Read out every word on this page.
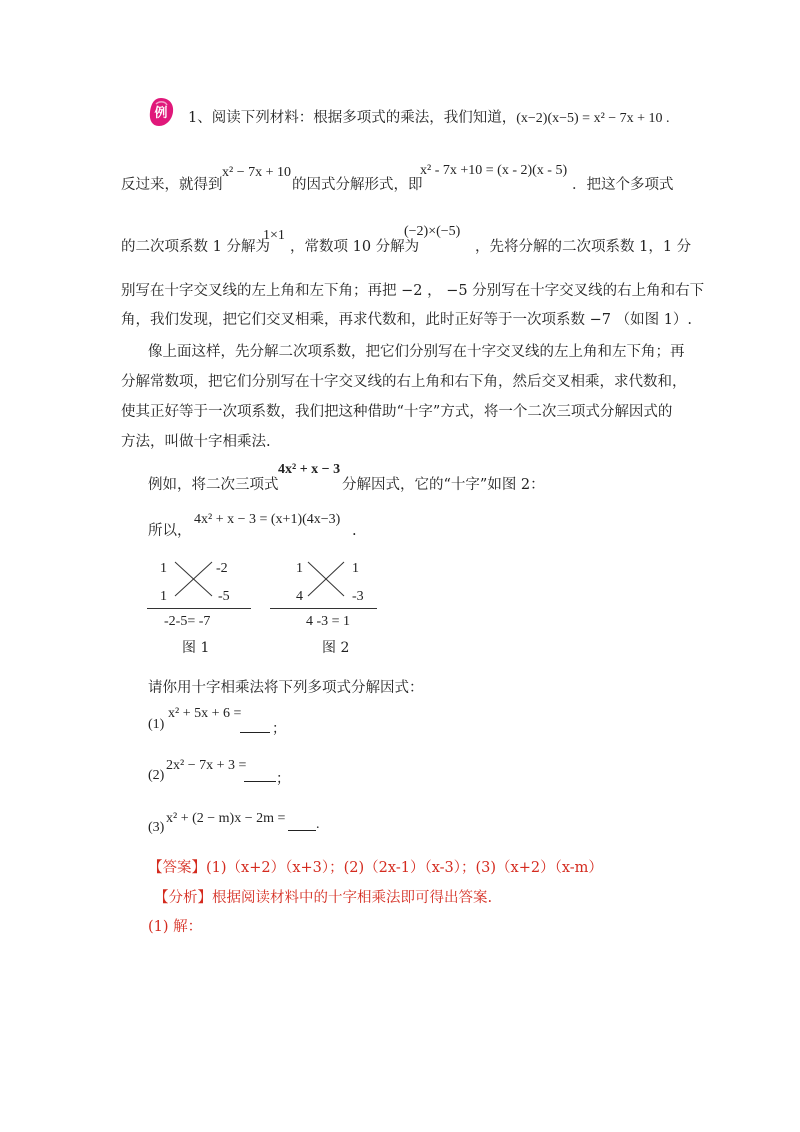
例 1、阅读下列材料：根据多项式的乘法，我们知道，(x−2)(x−5) = x² − 7x + 10 .
反过来，就得到
x² − 7x + 10
的因式分解形式，即
x² - 7x +10 = (x - 2)(x - 5)
．把这个多项式
的二次项系数 1 分解为
1×1
，常数项 10 分解为
(−2)×(−5)
，先将分解的二次项系数 1，1 分
别写在十字交叉线的左上角和左下角；再把 −2 ， −5 分别写在十字交叉线的右上角和右下
角，我们发现，把它们交叉相乘，再求代数和，此时正好等于一次项系数 −7 （如图 1）.
像上面这样，先分解二次项系数，把它们分别写在十字交叉线的左上角和左下角；再
分解常数项，把它们分别写在十字交叉线的右上角和右下角，然后交叉相乘，求代数和，
使其正好等于一次项系数，我们把这种借助“十字”方式，将一个二次三项式分解因式的
方法，叫做十字相乘法.
例如，将二次三项式
4x² + x − 3
分解因式，它的“十字”如图 2：
所以，
4x² + x − 3 = (x+1)(4x−3)
.
1	-2
1	-5
-2-5= -7
图 1
1	1
4	-3
4 -3 = 1
图 2
请你用十字相乘法将下列多项式分解因式：
(1)
x² + 5x + 6 =
；
(2)
2x² − 7x + 3 =
；
(3)
x² + (2 − m)x − 2m = .
【答案】(1)（x+2）（x+3）；(2)（2x-1）（x-3）；(3)（x+2）（x-m）
【分析】根据阅读材料中的十字相乘法即可得出答案.
(1) 解：
